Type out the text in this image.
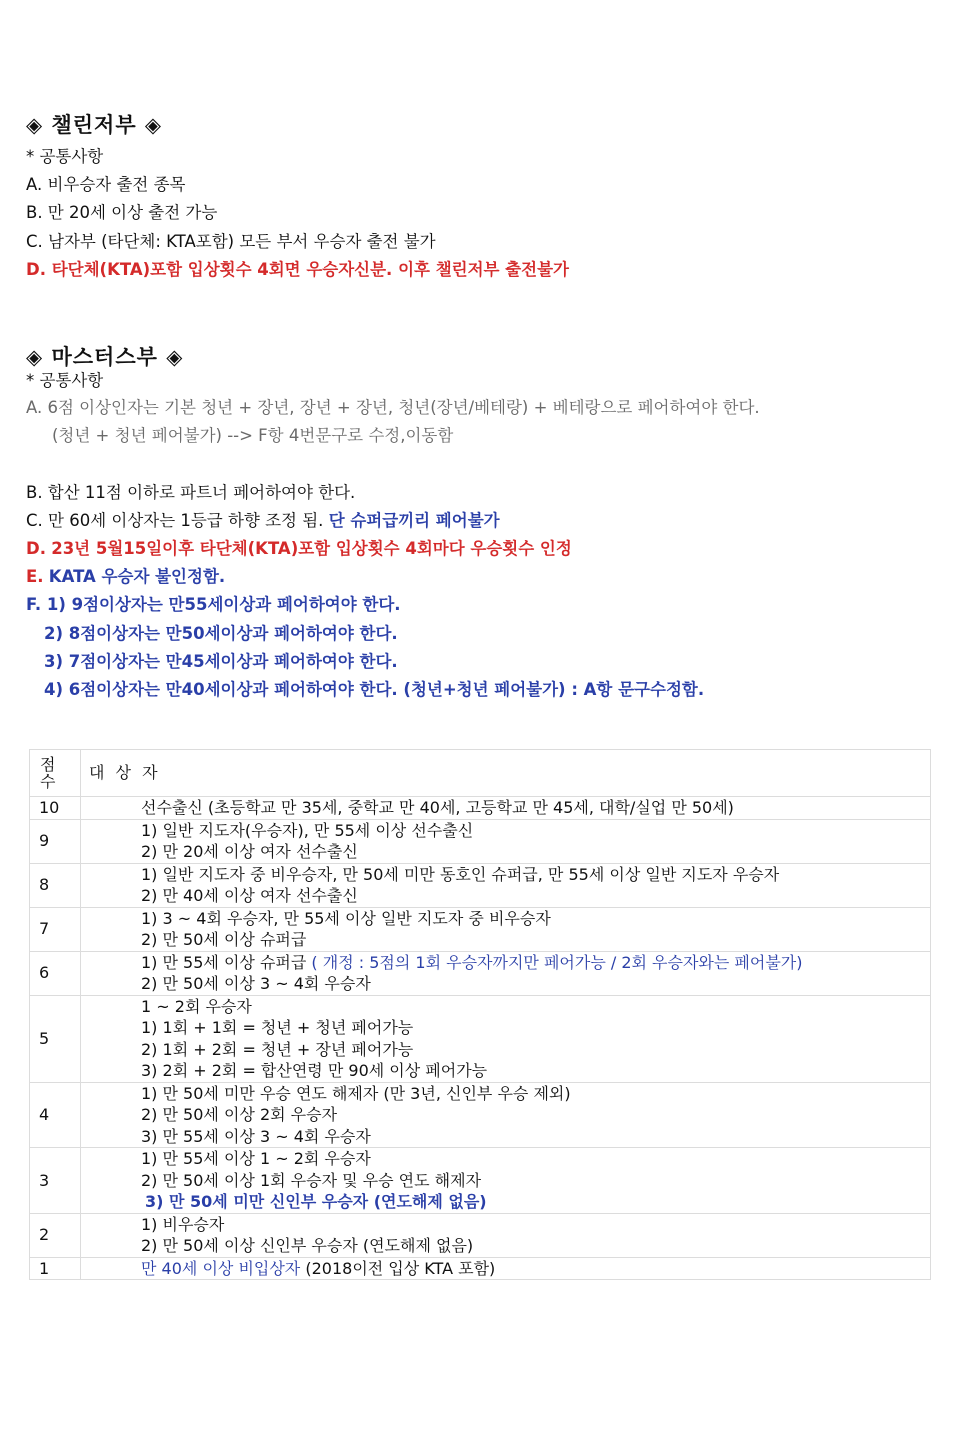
◈ 챌린저부 ◈
* 공통사항
A. 비우승자 출전 종목
B. 만 20세 이상 출전 가능
C. 남자부 (타단체: KTA포함) 모든 부서 우승자 출전 불가
D. 타단체(KTA)포함 입상횟수 4회면 우승자신분. 이후 챌린저부 출전불가
◈ 마스터스부 ◈
* 공통사항
A. 6점 이상인자는 기본 청년 + 장년, 장년 + 장년, 청년(장년/베테랑) + 베테랑으로 페어하여야 한다.
(청년 + 청년 페어불가) --> F항 4번문구로 수정,이동함
B. 합산 11점 이하로 파트너 페어하여야 한다.
C. 만 60세 이상자는 1등급 하향 조정 됨. 단 슈퍼급끼리 페어불가
D. 23년 5월15일이후 타단체(KTA)포함 입상횟수 4회마다 우승횟수 인정
E. KATA 우승자 불인정함.
F. 1) 9점이상자는 만55세이상과 페어하여야 한다.
2) 8점이상자는 만50세이상과 페어하여야 한다.
3) 7점이상자는 만45세이상과 페어하여야 한다.
4) 6점이상자는 만40세이상과 페어하여야 한다. (청년+청년 페어불가) : A항 문구수정함.
점
수	대 상 자
10	선수출신 (초등학교 만 35세, 중학교 만 40세, 고등학교 만 45세, 대학/실업 만 50세)

9	1) 일반 지도자(우승자), 만 55세 이상 선수출신
2) 만 20세 이상 여자 선수출신

8	1) 일반 지도자 중 비우승자, 만 50세 미만 동호인 슈퍼급, 만 55세 이상 일반 지도자 우승자
2) 만 40세 이상 여자 선수출신

7	1) 3 ~ 4회 우승자, 만 55세 이상 일반 지도자 중 비우승자
2) 만 50세 이상 슈퍼급

6	1) 만 55세 이상 슈퍼급 ( 개정 : 5점의 1회 우승자까지만 페어가능 / 2회 우승자와는 페어불가)
2) 만 50세 이상 3 ~ 4회 우승자

5	1 ~ 2회 우승자
1) 1회 + 1회 = 청년 + 청년 페어가능
2) 1회 + 2회 = 청년 + 장년 페어가능
3) 2회 + 2회 = 합산연령 만 90세 이상 페어가능

4	1) 만 50세 미만 우승 연도 해제자 (만 3년, 신인부 우승 제외)
2) 만 50세 이상 2회 우승자
3) 만 55세 이상 3 ~ 4회 우승자

3	1) 만 55세 이상 1 ~ 2회 우승자
2) 만 50세 이상 1회 우승자 및 우승 연도 해제자
3) 만 50세 미만 신인부 우승자 (연도해제 없음)

2	1) 비우승자
2) 만 50세 이상 신인부 우승자 (연도해제 없음)

1	만 40세 이상 비입상자 (2018이전 입상 KTA 포함)
